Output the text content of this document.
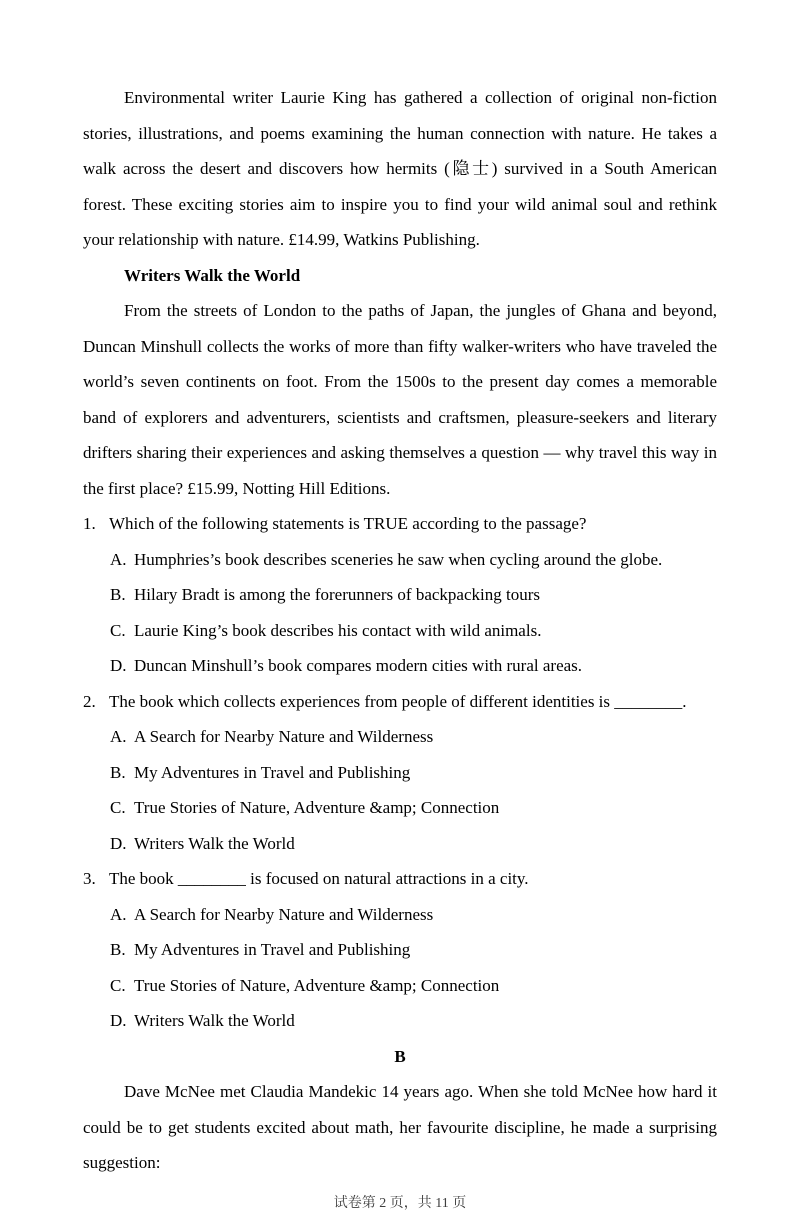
Environmental writer Laurie King has gathered a collection of original non-fiction stories, illustrations, and poems examining the human connection with nature. He takes a walk across the desert and discovers how hermits (隐士) survived in a South American forest. These exciting stories aim to inspire you to find your wild animal soul and rethink your relationship with nature. £14.99, Watkins Publishing.

Writers Walk the World

From the streets of London to the paths of Japan, the jungles of Ghana and beyond, Duncan Minshull collects the works of more than fifty walker-writers who have traveled the world’s seven continents on foot. From the 1500s to the present day comes a memorable band of explorers and adventurers, scientists and craftsmen, pleasure-seekers and literary drifters sharing their experiences and asking themselves a question — why travel this way in the first place? £15.99, Notting Hill Editions.

1. Which of the following statements is TRUE according to the passage?

A. Humphries’s book describes sceneries he saw when cycling around the globe.

B. Hilary Bradt is among the forerunners of backpacking tours

C. Laurie King’s book describes his contact with wild animals.

D. Duncan Minshull’s book compares modern cities with rural areas.

2. The book which collects experiences from people of different identities is ________.

A. A Search for Nearby Nature and Wilderness

B. My Adventures in Travel and Publishing

C. True Stories of Nature, Adventure &amp; Connection

D. Writers Walk the World

3. The book ________ is focused on natural attractions in a city.

A. A Search for Nearby Nature and Wilderness

B. My Adventures in Travel and Publishing

C. True Stories of Nature, Adventure &amp; Connection

D. Writers Walk the World

B

Dave McNee met Claudia Mandekic 14 years ago. When she told McNee how hard it could be to get students excited about math, her favourite discipline, he made a surprising suggestion:

试卷第 2 页，共 11 页
